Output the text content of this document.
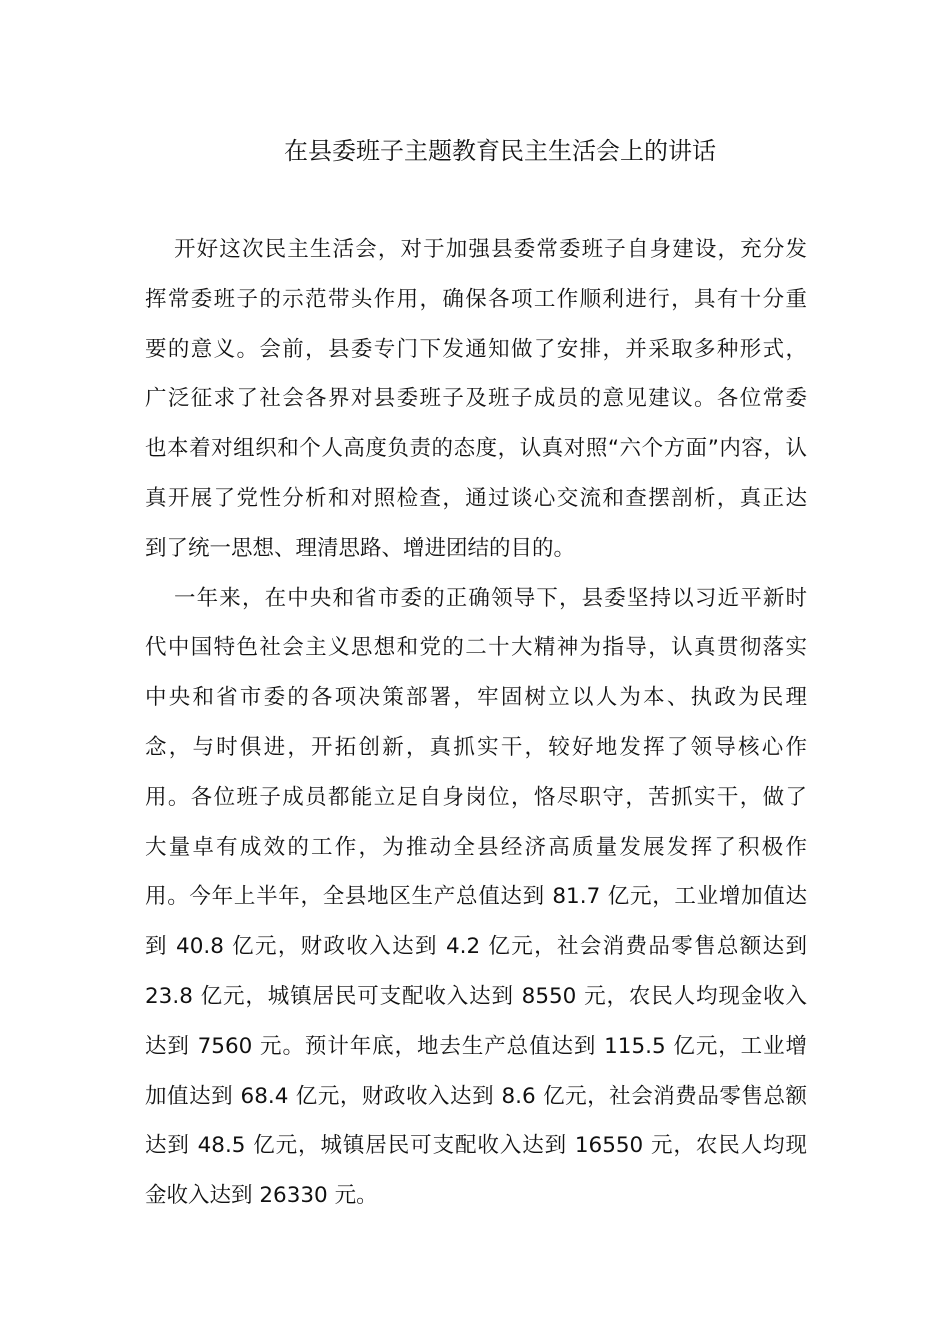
在县委班子主题教育民主生活会上的讲话
开好这次民主生活会，对于加强县委常委班子自身建设，充分发
挥常委班子的示范带头作用，确保各项工作顺利进行，具有十分重
要的意义。会前，县委专门下发通知做了安排，并采取多种形式，
广泛征求了社会各界对县委班子及班子成员的意见建议。各位常委
也本着对组织和个人高度负责的态度，认真对照“六个方面”内容，认
真开展了党性分析和对照检查，通过谈心交流和查摆剖析，真正达
到了统一思想、理清思路、增进团结的目的。
一年来，在中央和省市委的正确领导下，县委坚持以习近平新时
代中国特色社会主义思想和党的二十大精神为指导，认真贯彻落实
中央和省市委的各项决策部署，牢固树立以人为本、执政为民理
念，与时俱进，开拓创新，真抓实干，较好地发挥了领导核心作
用。各位班子成员都能立足自身岗位，恪尽职守，苦抓实干，做了
大量卓有成效的工作，为推动全县经济高质量发展发挥了积极作
用。今年上半年，全县地区生产总值达到 81.7 亿元，工业增加值达
到 40.8 亿元，财政收入达到 4.2 亿元，社会消费品零售总额达到
23.8 亿元，城镇居民可支配收入达到 8550 元，农民人均现金收入
达到 7560 元。预计年底，地去生产总值达到 115.5 亿元，工业增
加值达到 68.4 亿元，财政收入达到 8.6 亿元，社会消费品零售总额
达到 48.5 亿元，城镇居民可支配收入达到 16550 元，农民人均现
金收入达到 26330 元。
